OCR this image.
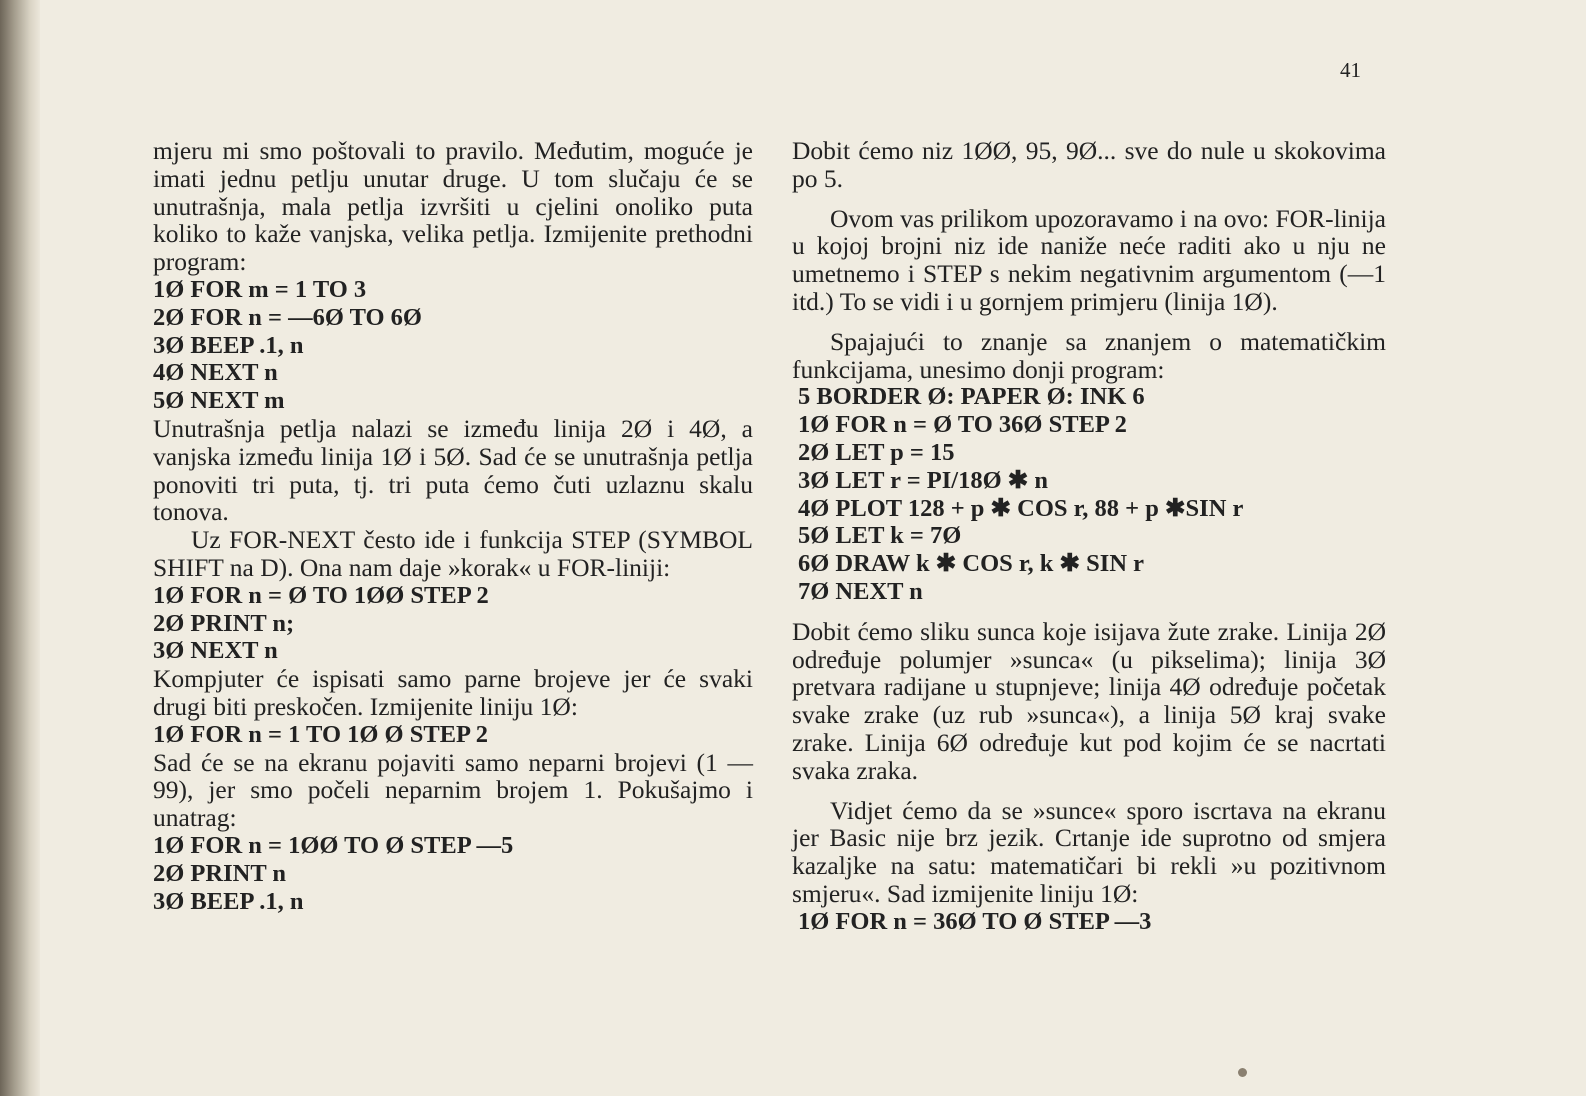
41

mjeru mi smo poštovali to pravilo. Međutim, moguće je imati jednu petlju unutar druge. U tom slučaju će se unutrašnja, mala petlja izvršiti u cjelini onoliko puta koliko to kaže vanjska, velika petlja. Izmijenite prethodni program:

1Ø FOR m = 1 TO 3
2Ø FOR n = —6Ø TO 6Ø
3Ø BEEP .1, n
4Ø NEXT n
5Ø NEXT m

Unutrašnja petlja nalazi se između linija 2Ø i 4Ø, a vanjska između linija 1Ø i 5Ø. Sad će se unutrašnja petlja ponoviti tri puta, tj. tri puta ćemo čuti uzlaznu skalu tonova.

Uz FOR-NEXT često ide i funkcija STEP (SYMBOL SHIFT na D). Ona nam daje »korak« u FOR-liniji:

1Ø FOR n = Ø TO 1ØØ STEP 2
2Ø PRINT n;
3Ø NEXT n

Kompjuter će ispisati samo parne brojeve jer će svaki drugi biti preskočen. Izmijenite liniju 1Ø:

1Ø FOR n = 1 TO 1Ø Ø STEP 2

Sad će se na ekranu pojaviti samo neparni brojevi (1 — 99), jer smo počeli neparnim brojem 1. Pokušajmo i unatrag:

1Ø FOR n = 1ØØ TO Ø STEP —5
2Ø PRINT n
3Ø BEEP .1, n

Dobit ćemo niz 1ØØ, 95, 9Ø... sve do nule u skokovima po 5.

Ovom vas prilikom upozoravamo i na ovo: FOR-linija u kojoj brojni niz ide naniže neće raditi ako u nju ne umetnemo i STEP s nekim negativnim argumentom (—1 itd.) To se vidi i u gornjem primjeru (linija 1Ø).

Spajajući to znanje sa znanjem o matematičkim funkcijama, unesimo donji program:

5 BORDER Ø: PAPER Ø: INK 6
1Ø FOR n = Ø TO 36Ø STEP 2
2Ø LET p = 15
3Ø LET r = PI/18Ø ✱ n
4Ø PLOT 128 + p ✱ COS r, 88 + p ✱SIN r
5Ø LET k = 7Ø
6Ø DRAW k ✱ COS r, k ✱ SIN r
7Ø NEXT n

Dobit ćemo sliku sunca koje isijava žute zrake. Linija 2Ø određuje polumjer »sunca« (u pikselima); linija 3Ø pretvara radijane u stupnjeve; linija 4Ø određuje početak svake zrake (uz rub »sunca«), a linija 5Ø kraj svake zrake. Linija 6Ø određuje kut pod kojim će se nacrtati svaka zraka.

Vidjet ćemo da se »sunce« sporo iscrtava na ekranu jer Basic nije brz jezik. Crtanje ide suprotno od smjera kazaljke na satu: matematičari bi rekli »u pozitivnom smjeru«. Sad izmijenite liniju 1Ø:

1Ø FOR n = 36Ø TO Ø STEP —3
